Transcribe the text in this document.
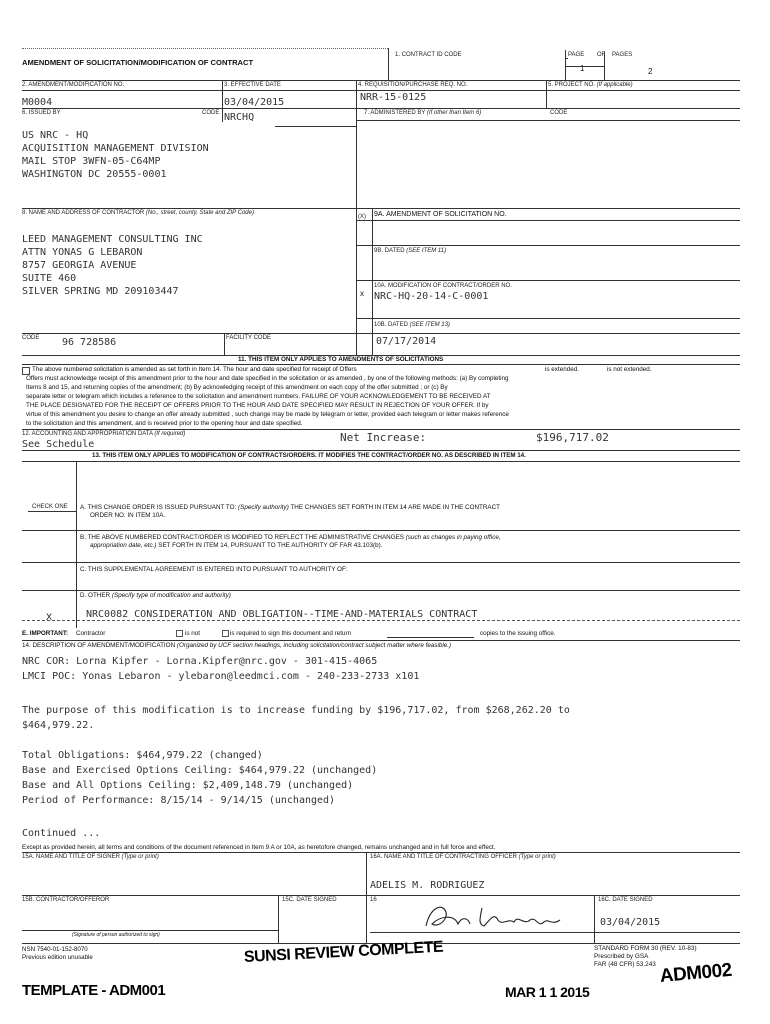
AMENDMENT OF SOLICITATION/MODIFICATION OF CONTRACT
1. CONTRACT ID CODE	PAGE OF PAGES
1	2
2. AMENDMENT/MODIFICATION NO.	3. EFFECTIVE DATE	4. REQUISITION/PURCHASE REQ. NO.	5. PROJECT NO. (If applicable)
M0004	03/04/2015	NRR-15-0125
6. ISSUED BY	CODE NRCHQ	7. ADMINISTERED BY (If other than Item 6)	CODE
US NRC - HQ
ACQUISITION MANAGEMENT DIVISION
MAIL STOP 3WFN-05-C64MP
WASHINGTON DC 20555-0001
8. NAME AND ADDRESS OF CONTRACTOR (No., street, county, State and ZIP Code)
(X) 9A. AMENDMENT OF SOLICITATION NO.
LEED MANAGEMENT CONSULTING INC
ATTN YONAS G LEBARON
8757 GEORGIA AVENUE
SUITE 460
SILVER SPRING MD 209103447
9B. DATED (SEE ITEM 11)
10A. MODIFICATION OF CONTRACT/ORDER NO.
x NRC-HQ-20-14-C-0001
10B. DATED (SEE ITEM 13)
07/17/2014
CODE 96 728586	FACILITY CODE
11. THIS ITEM ONLY APPLIES TO AMENDMENTS OF SOLICITATIONS
The above numbered solicitation is amended as set forth in Item 14. The hour and date specified for receipt of Offers	is extended.	is not extended.
Offers must acknowledge receipt of this amendment prior to the hour and date specified in the solicitation or as amended , by one of the following methods: (a) By completing
Items 8 and 15, and returning copies of the amendment; (b) By acknowledging receipt of this amendment on each copy of the offer submitted ; or (c) By
separate letter or telegram which includes a reference to the solicitation and amendment numbers. FAILURE OF YOUR ACKNOWLEDGEMENT TO BE RECEIVED AT
THE PLACE DESIGNATED FOR THE RECEIPT OF OFFERS PRIOR TO THE HOUR AND DATE SPECIFIED MAY RESULT IN REJECTION OF YOUR OFFER. If by
virtue of this amendment you desire to change an offer already submitted , such change may be made by telegram or letter, provided each telegram or letter makes reference
to the solicitation and this amendment, and is received prior to the opening hour and date specified.
12. ACCOUNTING AND APPROPRIATION DATA (If required)
See Schedule
Net Increase:	$196,717.02
13. THIS ITEM ONLY APPLIES TO MODIFICATION OF CONTRACTS/ORDERS. IT MODIFIES THE CONTRACT/ORDER NO. AS DESCRIBED IN ITEM 14.
CHECK ONE A. THIS CHANGE ORDER IS ISSUED PURSUANT TO: (Specify authority) THE CHANGES SET FORTH IN ITEM 14 ARE MADE IN THE CONTRACT
ORDER NO. IN ITEM 10A.
B. THE ABOVE NUMBERED CONTRACT/ORDER IS MODIFIED TO REFLECT THE ADMINISTRATIVE CHANGES (such as changes in paying office,
appropriation date, etc.) SET FORTH IN ITEM 14, PURSUANT TO THE AUTHORITY OF FAR 43.103(b).
C. THIS SUPPLEMENTAL AGREEMENT IS ENTERED INTO PURSUANT TO AUTHORITY OF:
D. OTHER (Specify type of modification and authority)
X	NRC0082 CONSIDERATION AND OBLIGATION--TIME-AND-MATERIALS CONTRACT
E. IMPORTANT: Contractor	is not	is required to sign this document and return	copies to the issuing office.
14. DESCRIPTION OF AMENDMENT/MODIFICATION (Organized by UCF section headings, including solicitation/contract subject matter where feasible.)
NRC COR: Lorna Kipfer - Lorna.Kipfer@nrc.gov - 301-415-4065
LMCI POC: Yonas Lebaron - ylebaron@leedmci.com - 240-233-2733 x101
The purpose of this modification is to increase funding by $196,717.02, from $268,262.20 to
$464,979.22.
Total Obligations: $464,979.22 (changed)
Base and Exercised Options Ceiling: $464,979.22 (unchanged)
Base and All Options Ceiling: $2,409,148.79 (unchanged)
Period of Performance: 8/15/14 - 9/14/15 (unchanged)
Continued ...
Except as provided herein, all terms and conditions of the document referenced in Item 9 A or 10A, as heretofore changed, remains unchanged and in full force and effect.
15A. NAME AND TITLE OF SIGNER (Type or print)	16A. NAME AND TITLE OF CONTRACTING OFFICER (Type or print)
ADELIS M. RODRIGUEZ
15B. CONTRACTOR/OFFEROR	15C. DATE SIGNED	16	16C. DATE SIGNED
03/04/2015
(Signature of person authorized to sign)
NSN 7540-01-152-8070
Previous edition unusable
STANDARD FORM 30 (REV. 10-83)
Prescribed by GSA
FAR (48 CFR) 53.243
SUNSI REVIEW COMPLETE
TEMPLATE - ADM001	MAR 1 1 2015
ADM002
